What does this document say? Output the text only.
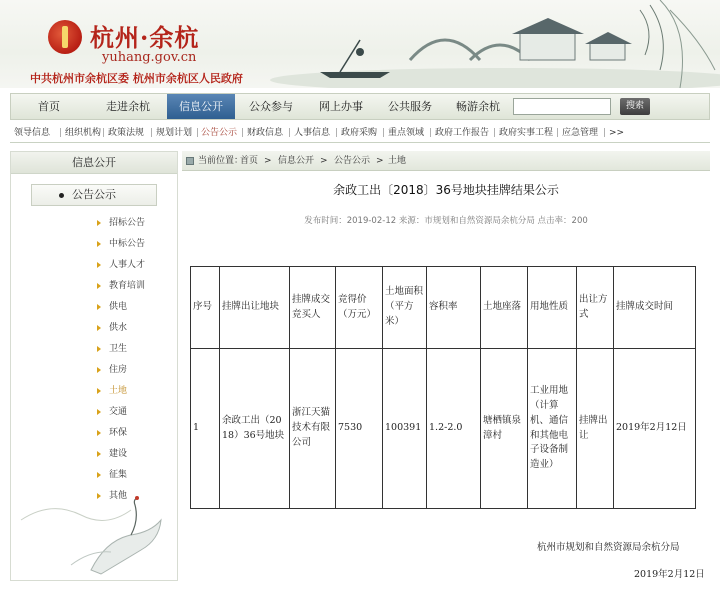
杭州·余杭
yuhang.gov.cn
中共杭州市余杭区委 杭州市余杭区人民政府
首页	走进余杭	信息公开	公众参与	网上办事	公共服务	畅游余杭	搜索
领导信息 | 组织机构 | 政策法规 | 规划计划 | 公告公示 | 财政信息 | 人事信息 | 政府采购 | 重点领域 | 政府工作报告 | 政府实事工程 | 应急管理 | >>
信息公开
公告公示
招标公告
中标公告
人事人才
教育培训
供电
供水
卫生
住房
土地
交通
环保
建设
征集
其他
当前位置：
首页 > 信息公开 > 公告公示 > 土地
余政工出〔2018〕36号地块挂牌结果公示
发布时间：2019-02-12 来源：市规划和自然资源局余杭分局 点击率：200
序号	挂牌出让地块	挂牌成交竞买人	竞得价（万元）	土地面积（平方米）	容积率	土地座落	用地性质	出让方式	挂牌成交时间
1	余政工出（2018）36号地块	浙江天猫技术有限公司	7530	100391	1.2-2.0	塘栖镇泉漳村	工业用地（计算机、通信和其他电子设备制造业）	挂牌出让	2019年2月12日
杭州市规划和自然资源局余杭分局
2019年2月12日
